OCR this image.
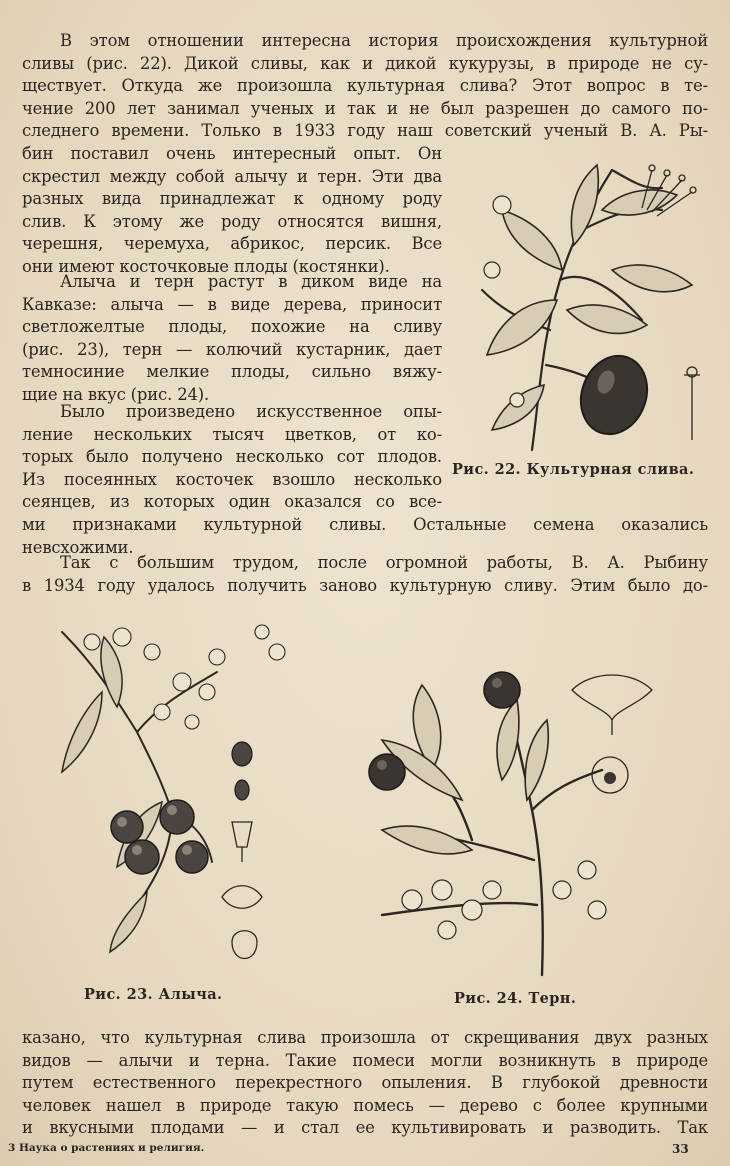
В этом отношении интересна история происхождения культурной
сливы (рис. 22). Дикой сливы, как и дикой кукурузы, в природе не су-
ществует. Откуда же произошла культурная слива? Этот вопрос в те-
чение 200 лет занимал ученых и так и не был разрешен до самого по-
следнего времени. Только в 1933 году наш советский ученый В. А. Ры-
бин поставил очень интересный опыт. Он
скрестил между собой алычу и терн. Эти два
разных вида принадлежат к одному роду
слив. К этому же роду относятся вишня,
черешня, черемуха, абрикос, персик. Все
они имеют косточковые плоды (костянки).
Алыча и терн растут в диком виде на
Кавказе: алыча — в виде дерева, приносит
светложелтые плоды, похожие на сливу
(рис. 23), терн — колючий кустарник, дает
темносиние мелкие плоды, сильно вяжу-
щие на вкус (рис. 24).
Было произведено искусственное опы-
ление нескольких тысяч цветков, от ко-
торых было получено несколько сот плодов.
Из посеянных косточек взошло несколько
сеянцев, из которых один оказался со все-
ми признаками культурной сливы. Остальные семена оказались
невсхожими.
Так с большим трудом, после огромной работы, В. А. Рыбину
в 1934 году удалось получить заново культурную сливу. Этим было до-
Рис. 22. Культурная слива.
Рис. 23. Алыча.	Рис. 24. Терн.
казано, что культурная слива произошла от скрещивания двух разных
видов — алычи и терна. Такие помеси могли возникнуть в природе
путем естественного перекрестного опыления. В глубокой древности
человек нашел в природе такую помесь — дерево с более крупными
и вкусными плодами — и стал ее культивировать и разводить. Так
3 Наука о растениях и религия.	33
